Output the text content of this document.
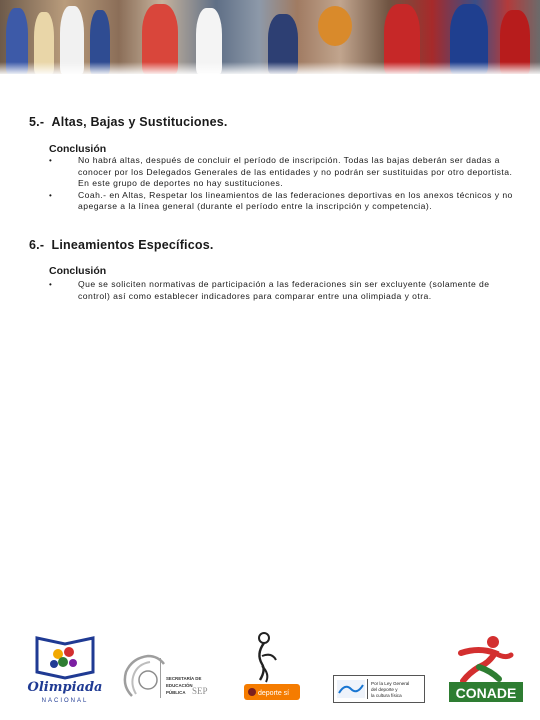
5.- Altas, Bajas y Sustituciones.
Conclusión
•	No habrá altas, después de concluir el período de inscripción. Todas las bajas deberán ser dadas a conocer por los Delegados Generales de las entidades y no podrán ser sustituidas por otro deportista. En este grupo de deportes no hay sustituciones.
•	Coah.- en Altas, Respetar los lineamientos de las federaciones deportivas en los anexos técnicos y no apegarse a la línea general (durante el período entre la inscripción y competencia).
6.- Lineamientos Específicos.
Conclusión
•	Que se soliciten normativas de participación a las federaciones sin ser excluyente (solamente de control) así como establecer indicadores para comparar entre una olimpiada y otra.
Olimpiada
NACIONAL
SECRETARÍA DE
EDUCACIÓN
PÚBLICA SEP	deporte sí
Por la Ley General
del deporte y
la cultura física	CONADE
